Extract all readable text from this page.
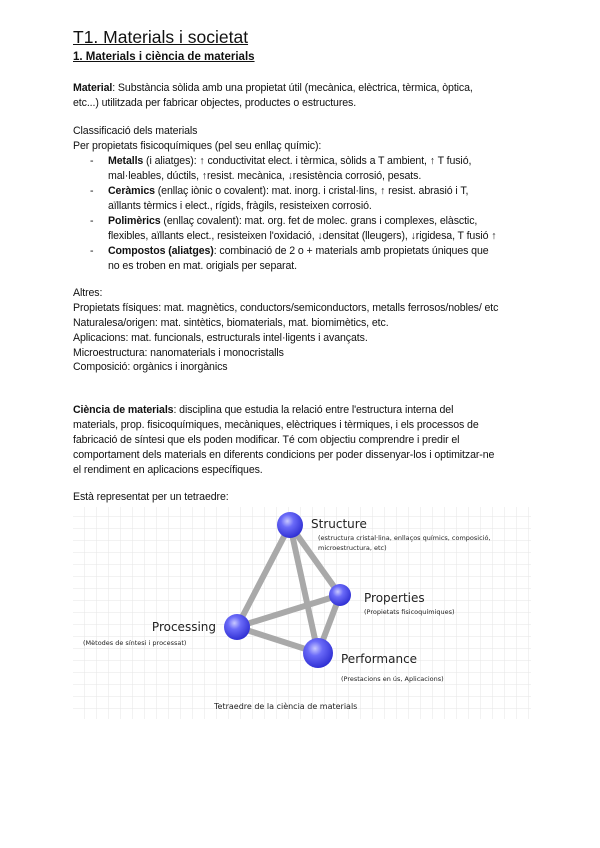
T1. Materials i societat
1. Materials i ciència de materials
Material: Substància sòlida amb una propietat útil (mecànica, elèctrica, tèrmica, òptica,
etc...) utilitzada per fabricar objectes, productes o estructures.
Classificació dels materials
Per propietats fisicoquímiques (pel seu enllaç químic):
- Metalls (i aliatges): ↑ conductivitat elect. i tèrmica, sòlids a T ambient, ↑ T fusió,
mal·leables, dúctils, ↑resist. mecànica, ↓resistència corrosió, pesats.
- Ceràmics (enllaç iònic o covalent): mat. inorg. i cristal·lins, ↑ resist. abrasió i T,
aïllants tèrmics i elect., rígids, fràgils, resisteixen corrosió.
- Polimèrics (enllaç covalent): mat. org. fet de molec. grans i complexes, elàsctic,
flexibles, aïllants elect., resisteixen l'oxidació, ↓densitat (lleugers), ↓rigidesa, T fusió ↑
- Compostos (aliatges): combinació de 2 o + materials amb propietats úniques que
no es troben en mat. origials per separat.
Altres:
Propietats físiques: mat. magnètics, conductors/semiconductors, metalls ferrosos/nobles/ etc
Naturalesa/origen: mat. sintètics, biomaterials, mat. biomimètics, etc.
Aplicacions: mat. funcionals, estructurals intel·ligents i avançats.
Microestructura: nanomaterials i monocristalls
Composició: orgànics i inorgànics
Ciència de materials: disciplina que estudia la relació entre l'estructura interna del
materials, prop. fisicoquímiques, mecàniques, elèctriques i tèrmiques, i els processos de
fabricació de síntesi que els poden modificar. Té com objectiu comprendre i predir el
comportament dels materials en diferents condicions per poder dissenyar-los i optimitzar-ne
el rendiment en aplicacions específiques.
Està representat per un tetraedre:
Structure
(estructura cristal·lina, enllaços químics, composició,
microestructura, etc)
Properties
(Propietats fisicoquímiques)
Processing
(Mètodes de síntesi i processat)
Performance
(Prestacions en ús, Aplicacions)
Tetraedre de la ciència de materials
